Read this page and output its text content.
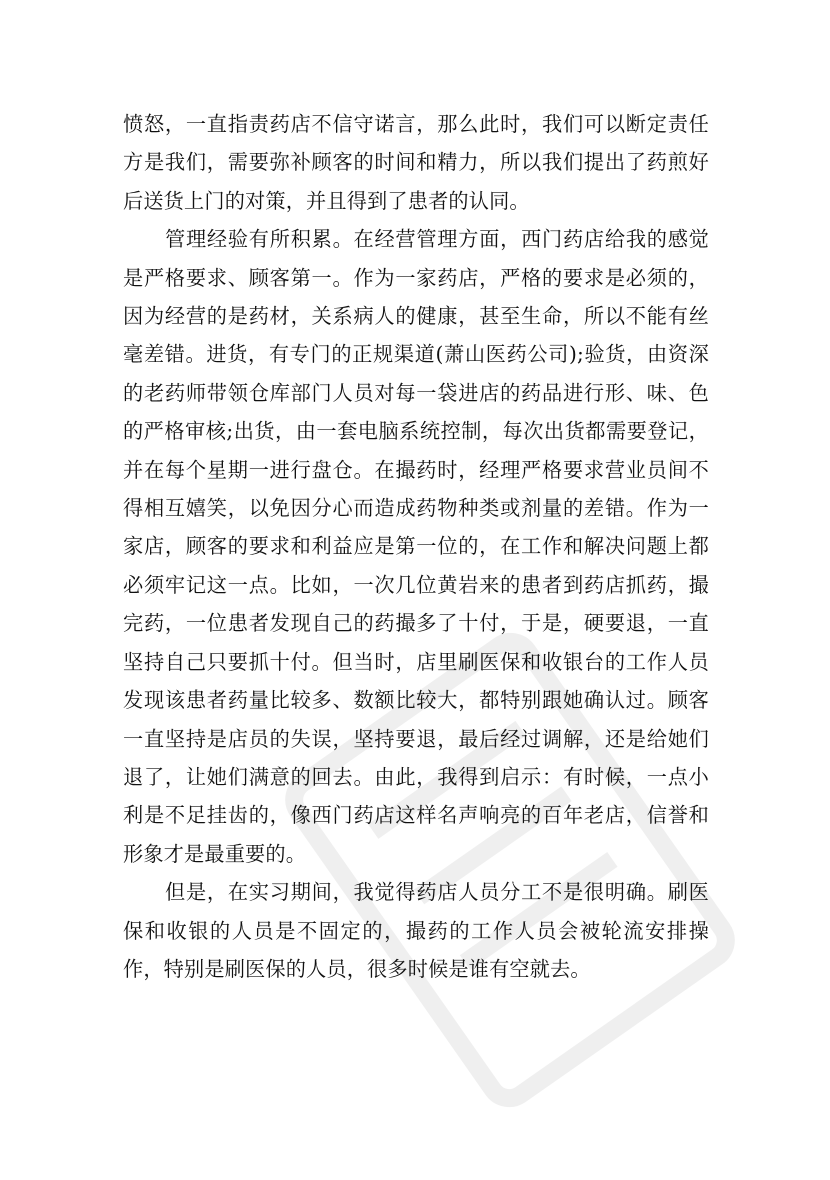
愤怒，一直指责药店不信守诺言，那么此时，我们可以断定责任方是我们，需要弥补顾客的时间和精力，所以我们提出了药煎好后送货上门的对策，并且得到了患者的认同。

管理经验有所积累。在经营管理方面，西门药店给我的感觉是严格要求、顾客第一。作为一家药店，严格的要求是必须的，因为经营的是药材，关系病人的健康，甚至生命，所以不能有丝毫差错。进货，有专门的正规渠道(萧山医药公司);验货，由资深的老药师带领仓库部门人员对每一袋进店的药品进行形、味、色的严格审核;出货，由一套电脑系统控制，每次出货都需要登记，并在每个星期一进行盘仓。在撮药时，经理严格要求营业员间不得相互嬉笑，以免因分心而造成药物种类或剂量的差错。作为一家店，顾客的要求和利益应是第一位的，在工作和解决问题上都必须牢记这一点。比如，一次几位黄岩来的患者到药店抓药，撮完药，一位患者发现自己的药撮多了十付，于是，硬要退，一直坚持自己只要抓十付。但当时，店里刷医保和收银台的工作人员发现该患者药量比较多、数额比较大，都特别跟她确认过。顾客一直坚持是店员的失误，坚持要退，最后经过调解，还是给她们退了，让她们满意的回去。由此，我得到启示：有时候，一点小利是不足挂齿的，像西门药店这样名声响亮的百年老店，信誉和形象才是最重要的。

但是，在实习期间，我觉得药店人员分工不是很明确。刷医保和收银的人员是不固定的，撮药的工作人员会被轮流安排操作，特别是刷医保的人员，很多时候是谁有空就去。
